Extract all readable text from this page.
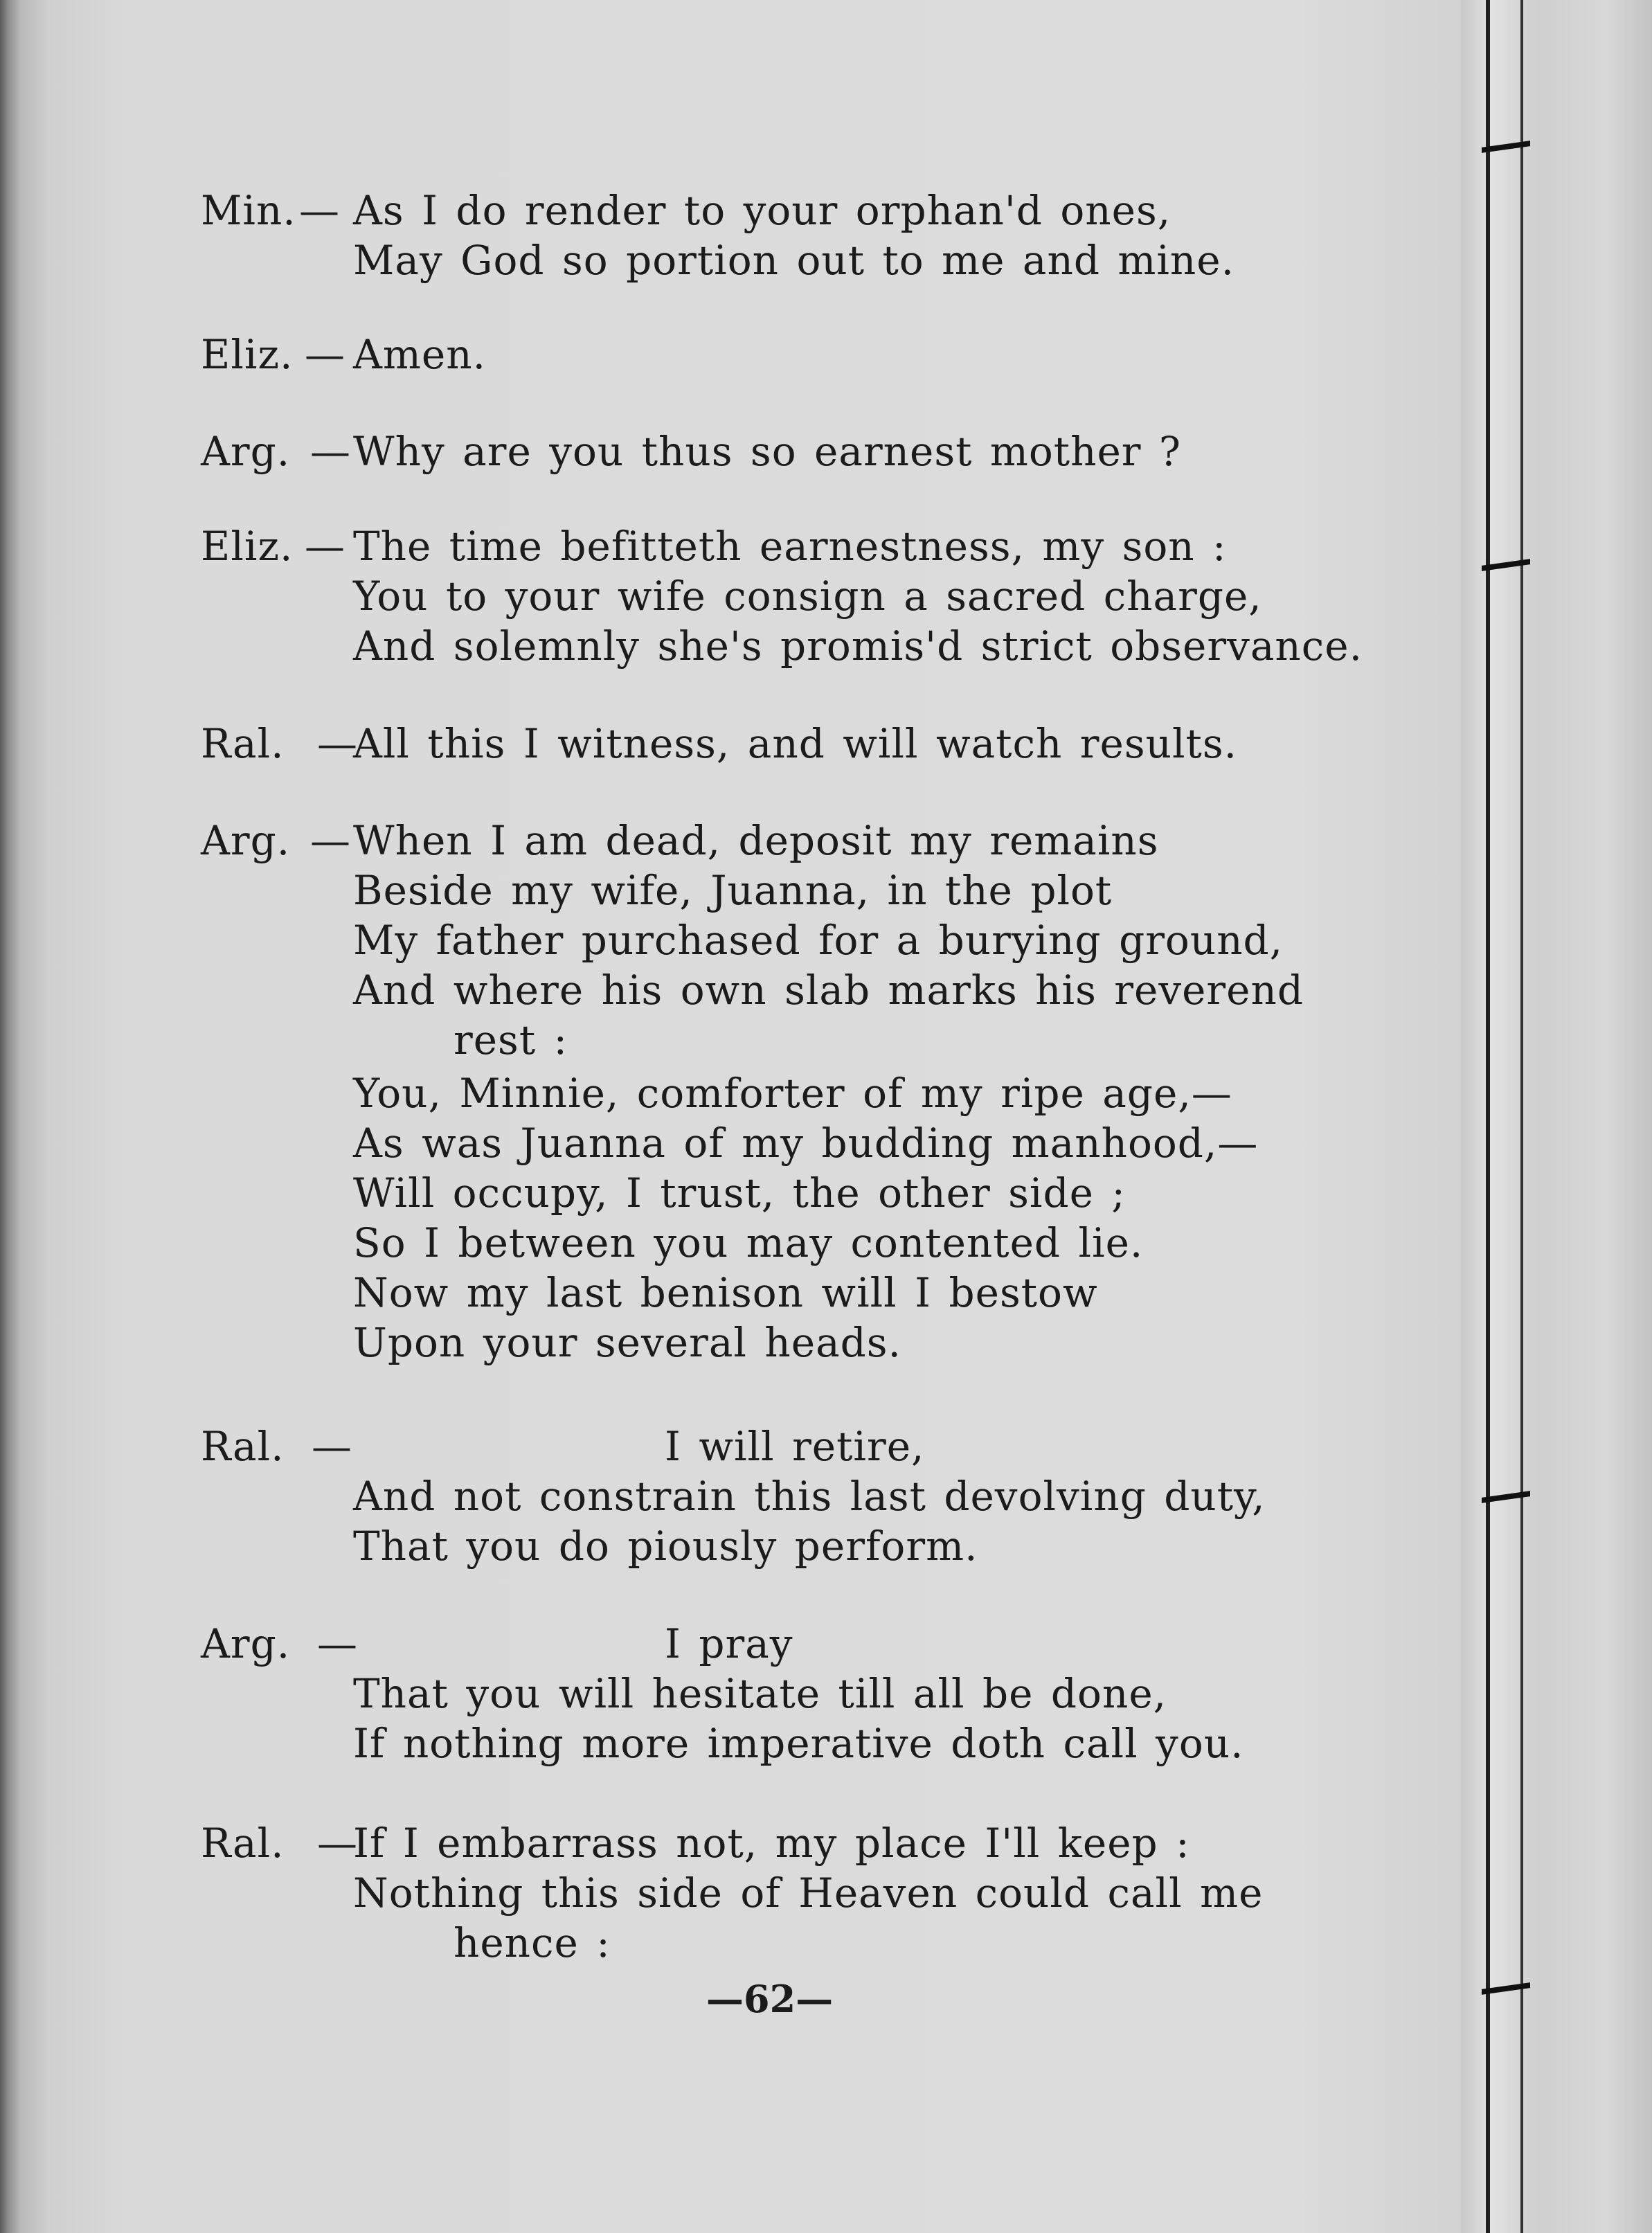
Min. — As I do render to your orphan'd ones,
May God so portion out to me and mine.
Eliz. — Amen.
Arg. — Why are you thus so earnest mother ?
Eliz. — The time befitteth earnestness, my son :
You to your wife consign a sacred charge,
And solemnly she's promis'd strict observance.
Ral. —
All this I witness, and will watch results.
Arg. — When I am dead, deposit my remains
Beside my wife, Juanna, in the plot
My father purchased for a burying ground,
And where his own slab marks his reverend
rest :
You, Minnie, comforter of my ripe age,—
As was Juanna of my budding manhood,—
Will occupy, I trust, the other side ;
So I between you may contented lie.
Now my last benison will I bestow
Upon your several heads.
Ral. —	I will retire,
And not constrain this last devolving duty,
That you do piously perform.
Arg. —	I pray
That you will hesitate till all be done,
If nothing more imperative doth call you.
Ral. —
If I embarrass not, my place I'll keep :
Nothing this side of Heaven could call me
hence :
—62—
